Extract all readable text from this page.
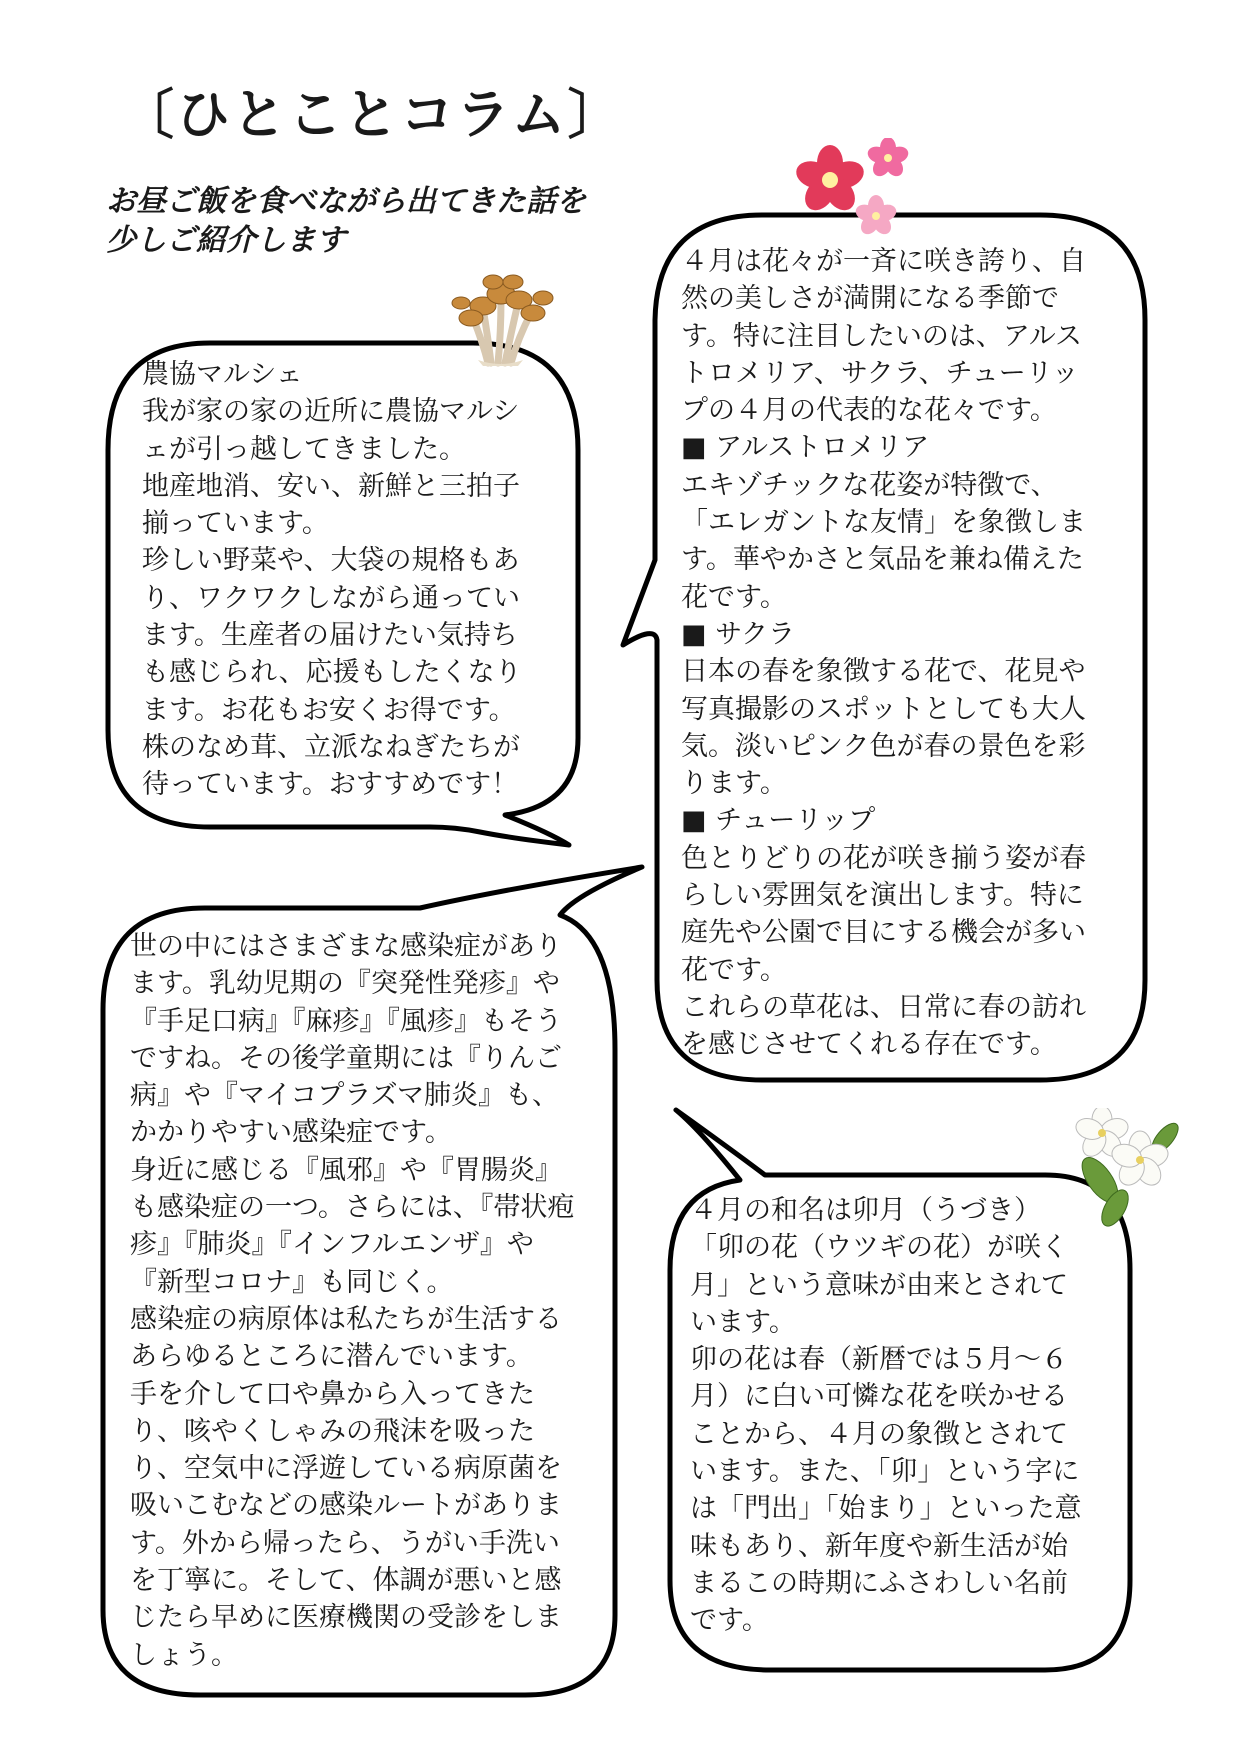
〔ひとことコラム〕
お昼ご飯を食べながら出てきた話を
少しご紹介します
農協マルシェ
我が家の家の近所に農協マルシ
ェが引っ越してきました。
地産地消、安い、新鮮と三拍子
揃っています。
珍しい野菜や、大袋の規格もあ
り、ワクワクしながら通ってい
ます。生産者の届けたい気持ち
も感じられ、応援もしたくなり
ます。お花もお安くお得です。
株のなめ茸、立派なねぎたちが
待っています。おすすめです！
４月は花々が一斉に咲き誇り、自
然の美しさが満開になる季節で
す。特に注目したいのは、アルス
トロメリア、サクラ、チューリッ
プの４月の代表的な花々です。
■ アルストロメリア
エキゾチックな花姿が特徴で、
「エレガントな友情」を象徴しま
す。華やかさと気品を兼ね備えた
花です。
■ サクラ
日本の春を象徴する花で、花見や
写真撮影のスポットとしても大人
気。淡いピンク色が春の景色を彩
ります。
■ チューリップ
色とりどりの花が咲き揃う姿が春
らしい雰囲気を演出します。特に
庭先や公園で目にする機会が多い
花です。
これらの草花は、日常に春の訪れ
を感じさせてくれる存在です。
世の中にはさまざまな感染症があり
ます。乳幼児期の『突発性発疹』や
『手足口病』『麻疹』『風疹』もそう
ですね。その後学童期には『りんご
病』や『マイコプラズマ肺炎』も、
かかりやすい感染症です。
身近に感じる『風邪』や『胃腸炎』
も感染症の一つ。さらには、『帯状疱
疹』『肺炎』『インフルエンザ』や
『新型コロナ』も同じく。
感染症の病原体は私たちが生活する
あらゆるところに潜んでいます。
手を介して口や鼻から入ってきた
り、咳やくしゃみの飛沫を吸った
り、空気中に浮遊している病原菌を
吸いこむなどの感染ルートがありま
す。外から帰ったら、うがい手洗い
を丁寧に。そして、体調が悪いと感
じたら早めに医療機関の受診をしま
しょう。
４月の和名は卯月（うづき）
「卯の花（ウツギの花）が咲く
月」という意味が由来とされて
います。
卯の花は春（新暦では５月～６
月）に白い可憐な花を咲かせる
ことから、４月の象徴とされて
います。また、「卯」という字に
は「門出」「始まり」といった意
味もあり、新年度や新生活が始
まるこの時期にふさわしい名前
です。
